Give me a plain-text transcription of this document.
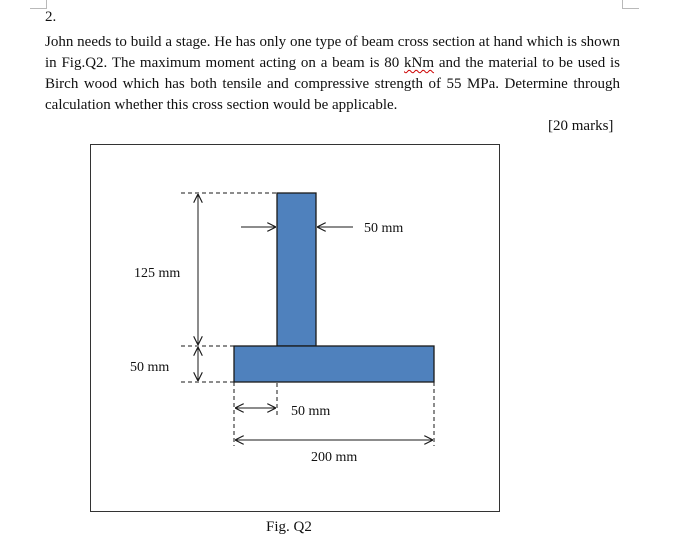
2.
John needs to build a stage. He has only one type of beam cross section at hand which is shown in Fig.Q2. The maximum moment acting on a beam is 80 kNm and the material to be used is Birch wood which has both tensile and compressive strength of 55 MPa. Determine through calculation whether this cross section would be applicable.
[20 marks]
50 mm
125 mm
50 mm
50 mm
200 mm
Fig. Q2
